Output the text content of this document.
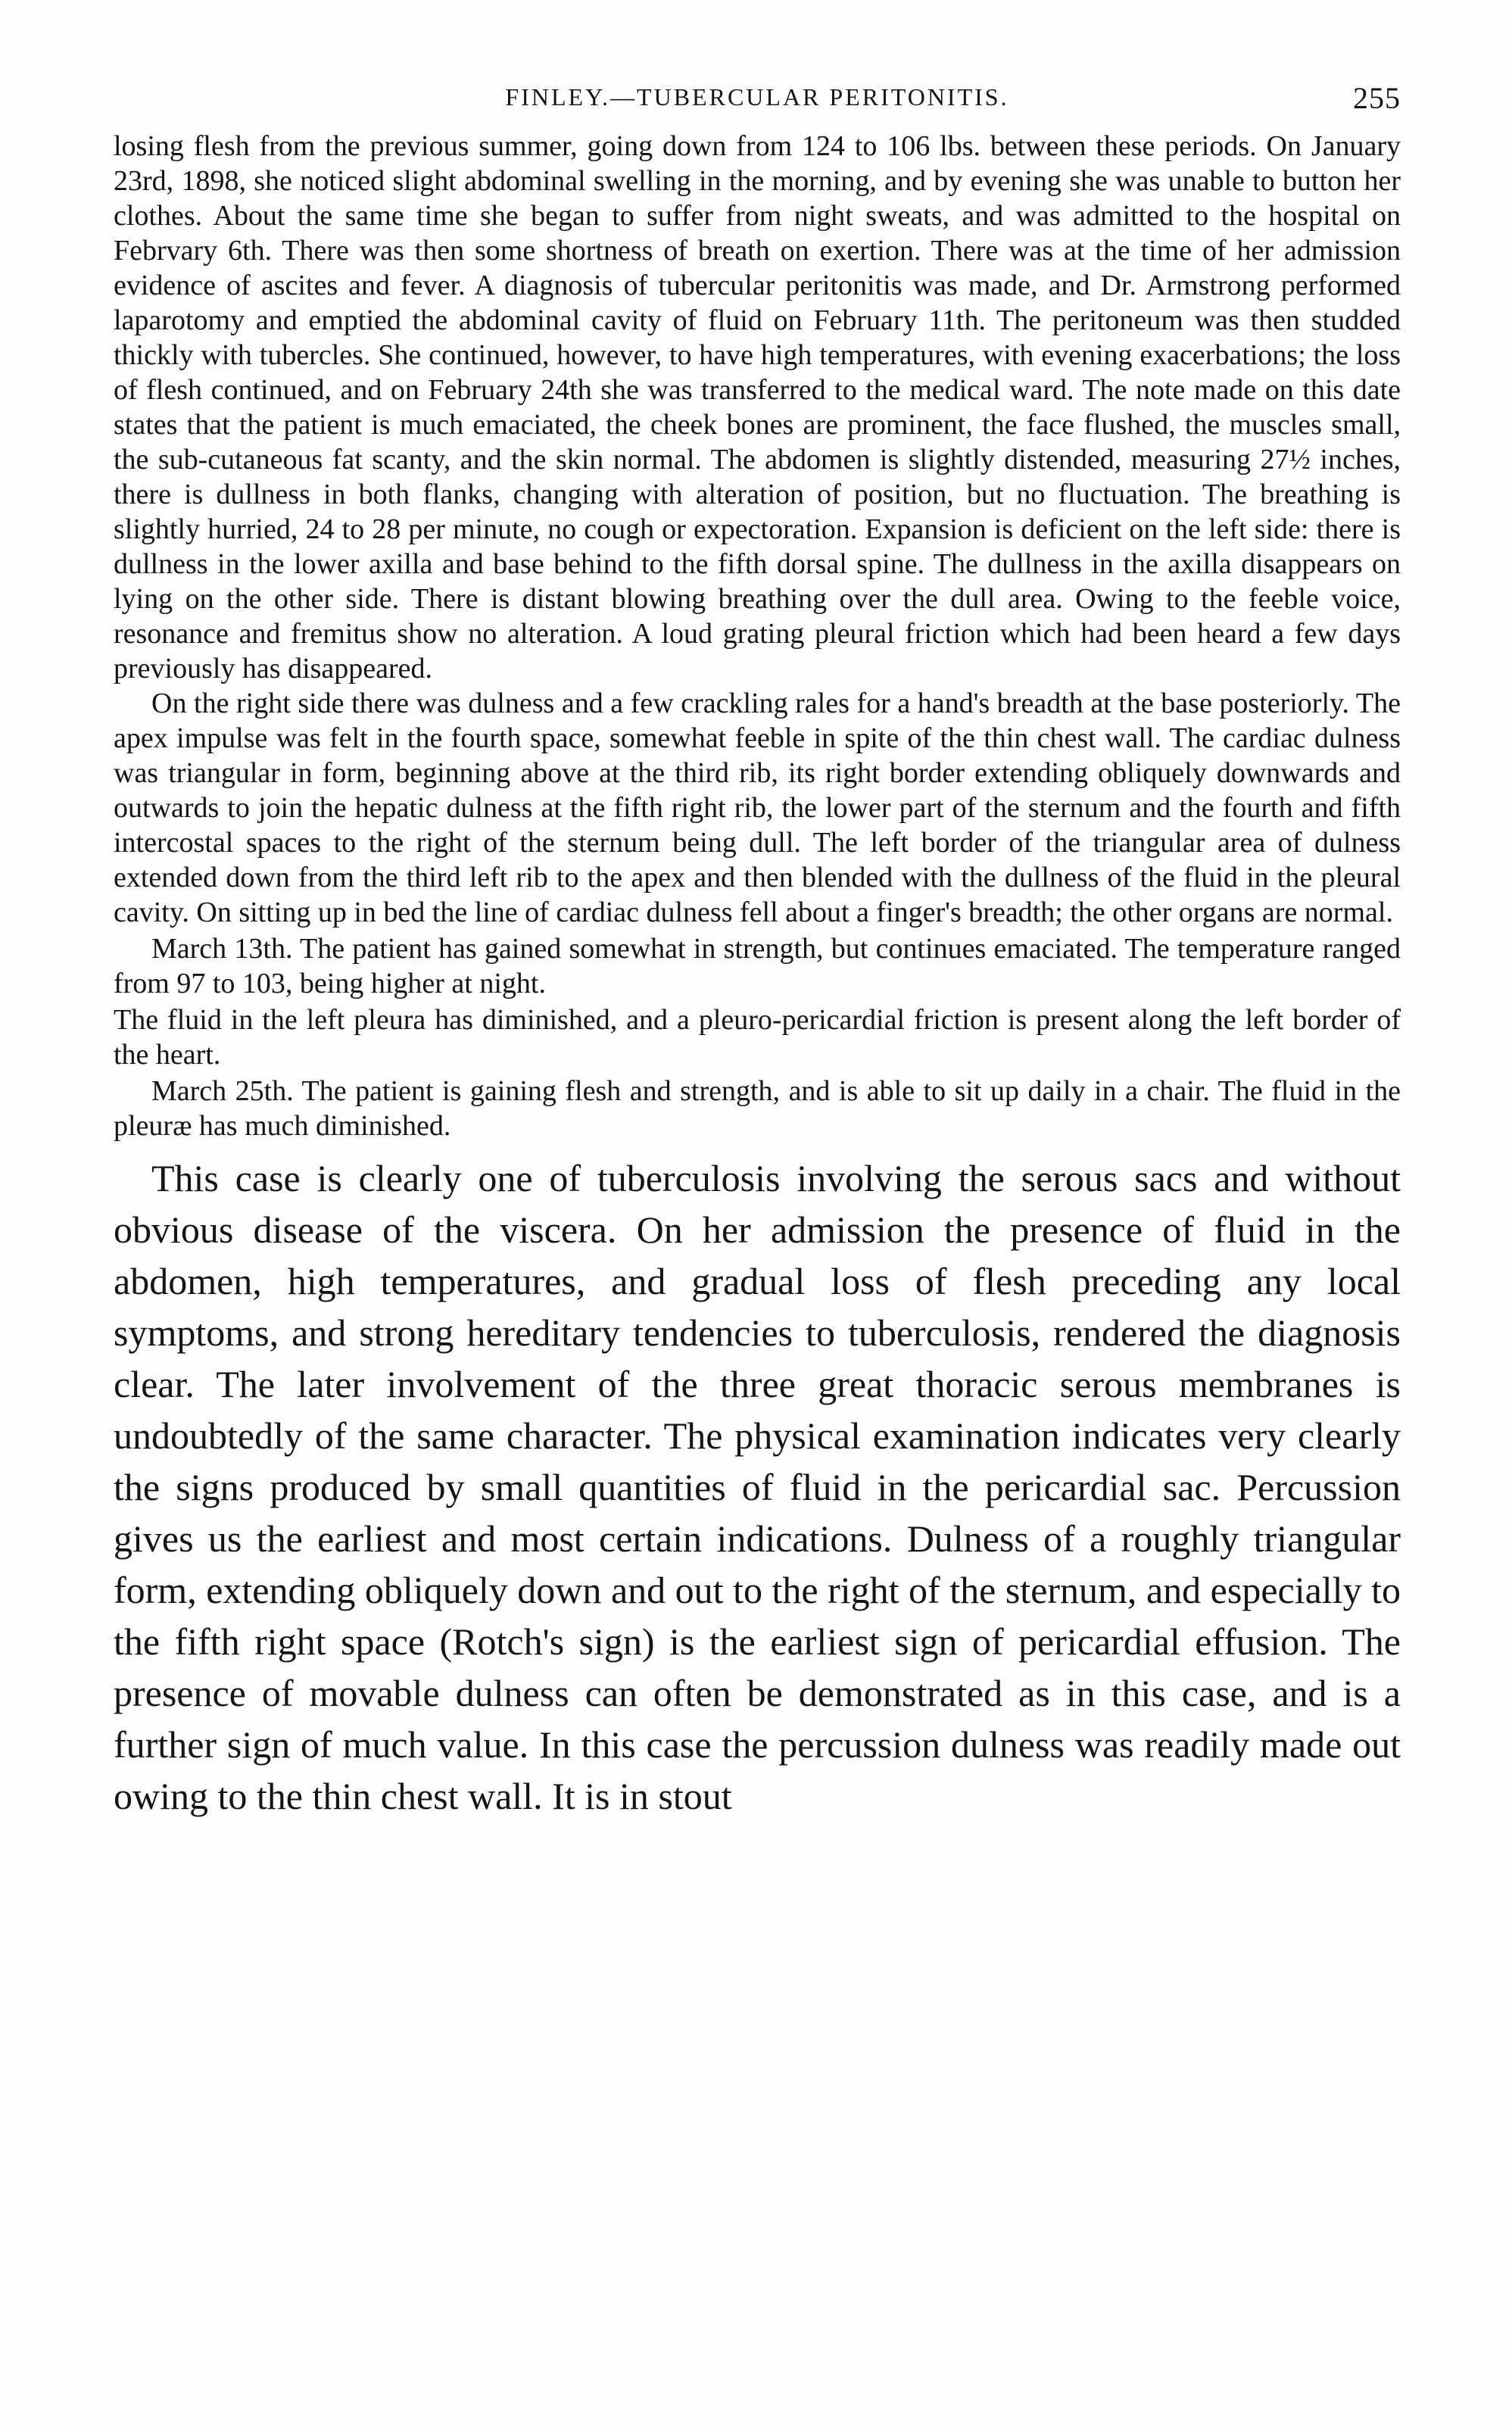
FINLEY.—TUBERCULAR PERITONITIS.	255

losing flesh from the previous summer, going down from 124 to 106 lbs. between these periods. On January 23rd, 1898, she noticed slight abdominal swelling in the morning, and by evening she was unable to button her clothes. About the same time she began to suffer from night sweats, and was admitted to the hospital on Febrvary 6th. There was then some shortness of breath on exertion. There was at the time of her admission evidence of ascites and fever. A diagnosis of tubercular peritonitis was made, and Dr. Armstrong performed laparotomy and emptied the abdominal cavity of fluid on February 11th. The peritoneum was then studded thickly with tubercles. She continued, however, to have high temperatures, with evening exacerbations; the loss of flesh continued, and on February 24th she was transferred to the medical ward. The note made on this date states that the patient is much emaciated, the cheek bones are prominent, the face flushed, the muscles small, the sub-cutaneous fat scanty, and the skin normal. The abdomen is slightly distended, measuring 27½ inches, there is dullness in both flanks, changing with alteration of position, but no fluctuation. The breathing is slightly hurried, 24 to 28 per minute, no cough or expectoration. Expansion is deficient on the left side: there is dullness in the lower axilla and base behind to the fifth dorsal spine. The dullness in the axilla disappears on lying on the other side. There is distant blowing breathing over the dull area. Owing to the feeble voice, resonance and fremitus show no alteration. A loud grating pleural friction which had been heard a few days previously has disappeared.

On the right side there was dulness and a few crackling rales for a hand's breadth at the base posteriorly. The apex impulse was felt in the fourth space, somewhat feeble in spite of the thin chest wall. The cardiac dulness was triangular in form, beginning above at the third rib, its right border extending obliquely downwards and outwards to join the hepatic dulness at the fifth right rib, the lower part of the sternum and the fourth and fifth intercostal spaces to the right of the sternum being dull. The left border of the triangular area of dulness extended down from the third left rib to the apex and then blended with the dullness of the fluid in the pleural cavity. On sitting up in bed the line of cardiac dulness fell about a finger's breadth; the other organs are normal.

March 13th. The patient has gained somewhat in strength, but continues emaciated. The temperature ranged from 97 to 103, being higher at night.

The fluid in the left pleura has diminished, and a pleuro-pericardial friction is present along the left border of the heart.

March 25th. The patient is gaining flesh and strength, and is able to sit up daily in a chair. The fluid in the pleuræ has much diminished.

This case is clearly one of tuberculosis involving the serous sacs and without obvious disease of the viscera. On her admission the presence of fluid in the abdomen, high temperatures, and gradual loss of flesh preceding any local symptoms, and strong hereditary tendencies to tuberculosis, rendered the diagnosis clear. The later involvement of the three great thoracic serous membranes is undoubtedly of the same character. The physical examination indicates very clearly the signs produced by small quantities of fluid in the pericardial sac. Percussion gives us the earliest and most certain indications. Dulness of a roughly triangular form, extending obliquely down and out to the right of the sternum, and especially to the fifth right space (Rotch's sign) is the earliest sign of pericardial effusion. The presence of movable dulness can often be demonstrated as in this case, and is a further sign of much value. In this case the percussion dulness was readily made out owing to the thin chest wall. It is in stout
